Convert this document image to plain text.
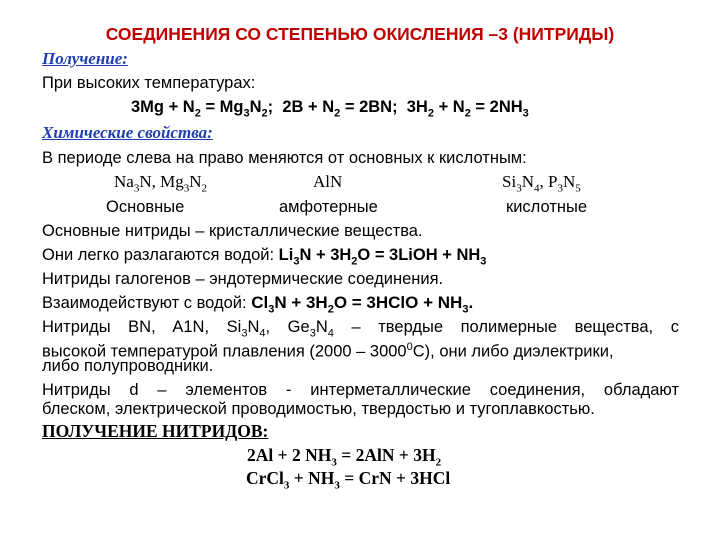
СОЕДИНЕНИЯ СО СТЕПЕНЬЮ ОКИСЛЕНИЯ –3 (НИТРИДЫ)
Получение:
При высоких температурах:
$3Mg + N_2 = Mg_3N_2$;  $2B + N_2 = 2BN$;  $3H_2 + N_2 = 2NH_3$
Химические свойства:
В периоде слева на право меняются от основных к кислотным:
$Na_3N$, $Mg_3N_2$	AlN	$Si_3N_4$, $P_3N_5$
Основные	амфотерные	кислотные
Основные нитриды – кристаллические вещества.
Они легко разлагаются водой: $Li_3N + 3H_2O$ = 3LiOH + $NH_3$
Нитриды галогенов – эндотермические соединения.
Взаимодействуют с водой: $Cl_3N + 3H_2O$ = 3HClO + $NH_3$.
Нитриды BN, A1N, $Si_3N_4$, $Ge_3N_4$ – твердые полимерные вещества, с
высокой температурой плавления (2000 – 3000$^0$С), они либо диэлектрики,
либо полупроводники.
Нитриды d – элементов - интерметаллические соединения, обладают
блеском, электрической проводимостью, твердостью и тугоплавкостью.
ПОЛУЧЕНИЕ НИТРИДОВ:
2Al + 2 $NH_3 = 2AlN + 3H_2$
CrCl$_3$ + $NH_3$ = CrN + 3HCl
